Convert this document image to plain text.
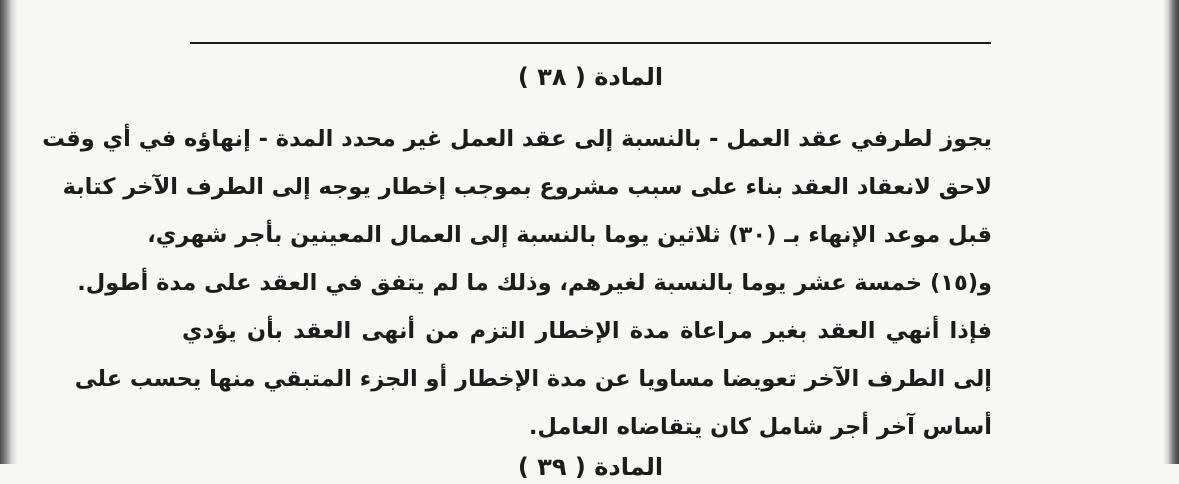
المادة ( ٣٨ )
يجوز لطرفي عقد العمل - بالنسبة إلى عقد العمل غير محدد المدة - إنهاؤه في أي وقت
لاحق لانعقاد العقد بناء على سبب مشروع بموجب إخطار يوجه إلى الطرف الآخر كتابة
قبل موعد الإنهاء بـ (٣٠) ثلاثين يوما بالنسبة إلى العمال المعينين بأجر شهري،
و(١٥) خمسة عشر يوما بالنسبة لغيرهم، وذلك ما لم يتفق في العقد على مدة أطول.
فإذا أنهي العقد بغير مراعاة مدة الإخطار التزم من أنهى العقد بأن يؤدي
إلى الطرف الآخر تعويضا مساويا عن مدة الإخطار أو الجزء المتبقي منها يحسب على
أساس آخر أجر شامل كان يتقاضاه العامل.
المادة ( ٣٩ )
